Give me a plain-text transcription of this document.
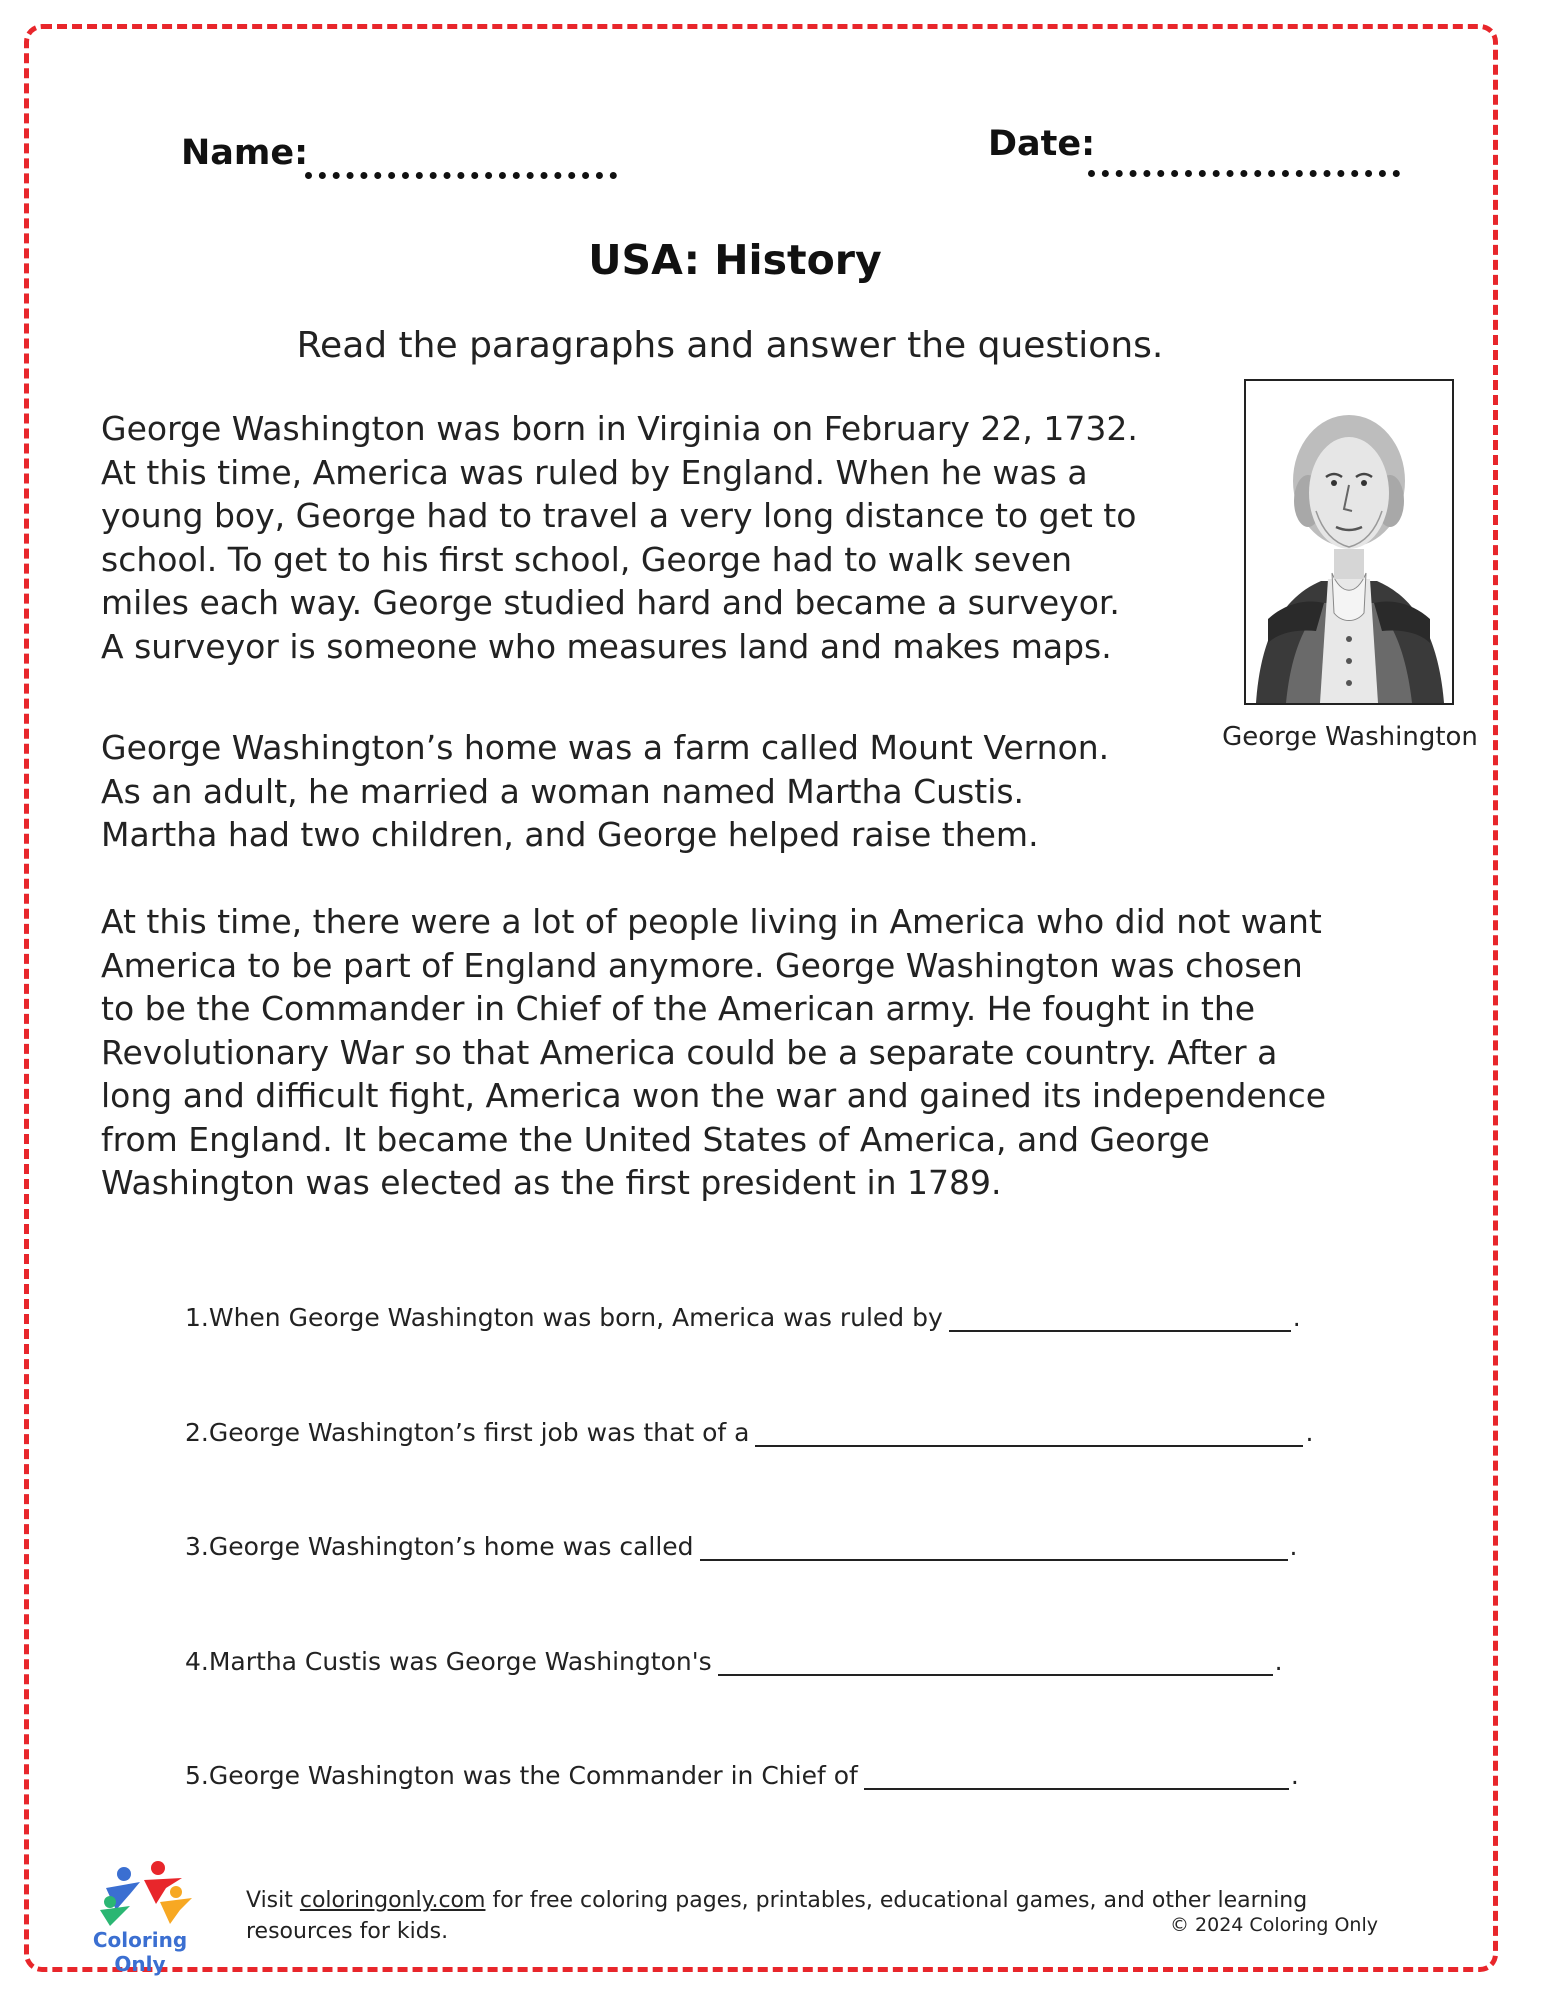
Name:	Date:
USA: History
Read the paragraphs and answer the questions.

George Washington was born in Virginia on February 22, 1732.
At this time, America was ruled by England. When he was a
young boy, George had to travel a very long distance to get to
school. To get to his first school, George had to walk seven
miles each way. George studied hard and became a surveyor.
A surveyor is someone who measures land and makes maps.

George Washington’s home was a farm called Mount Vernon.
As an adult, he married a woman named Martha Custis.
Martha had two children, and George helped raise them.

At this time, there were a lot of people living in America who did not want
America to be part of England anymore. George Washington was chosen
to be the Commander in Chief of the American army. He fought in the
Revolutionary War so that America could be a separate country. After a
long and difficult fight, America won the war and gained its independence
from England. It became the United States of America, and George
Washington was elected as the first president in 1789.

George Washington
1.When George Washington was born, America was ruled by	.
2.George Washington’s first job was that of a	.
3.George Washington’s home was called	.
4.Martha Custis was George Washington's	.
5.George Washington was the Commander in Chief of	.
Coloring Only
Visit coloringonly.com for free coloring pages, printables, educational games, and other learning resources for kids.	© 2024 Coloring Only
